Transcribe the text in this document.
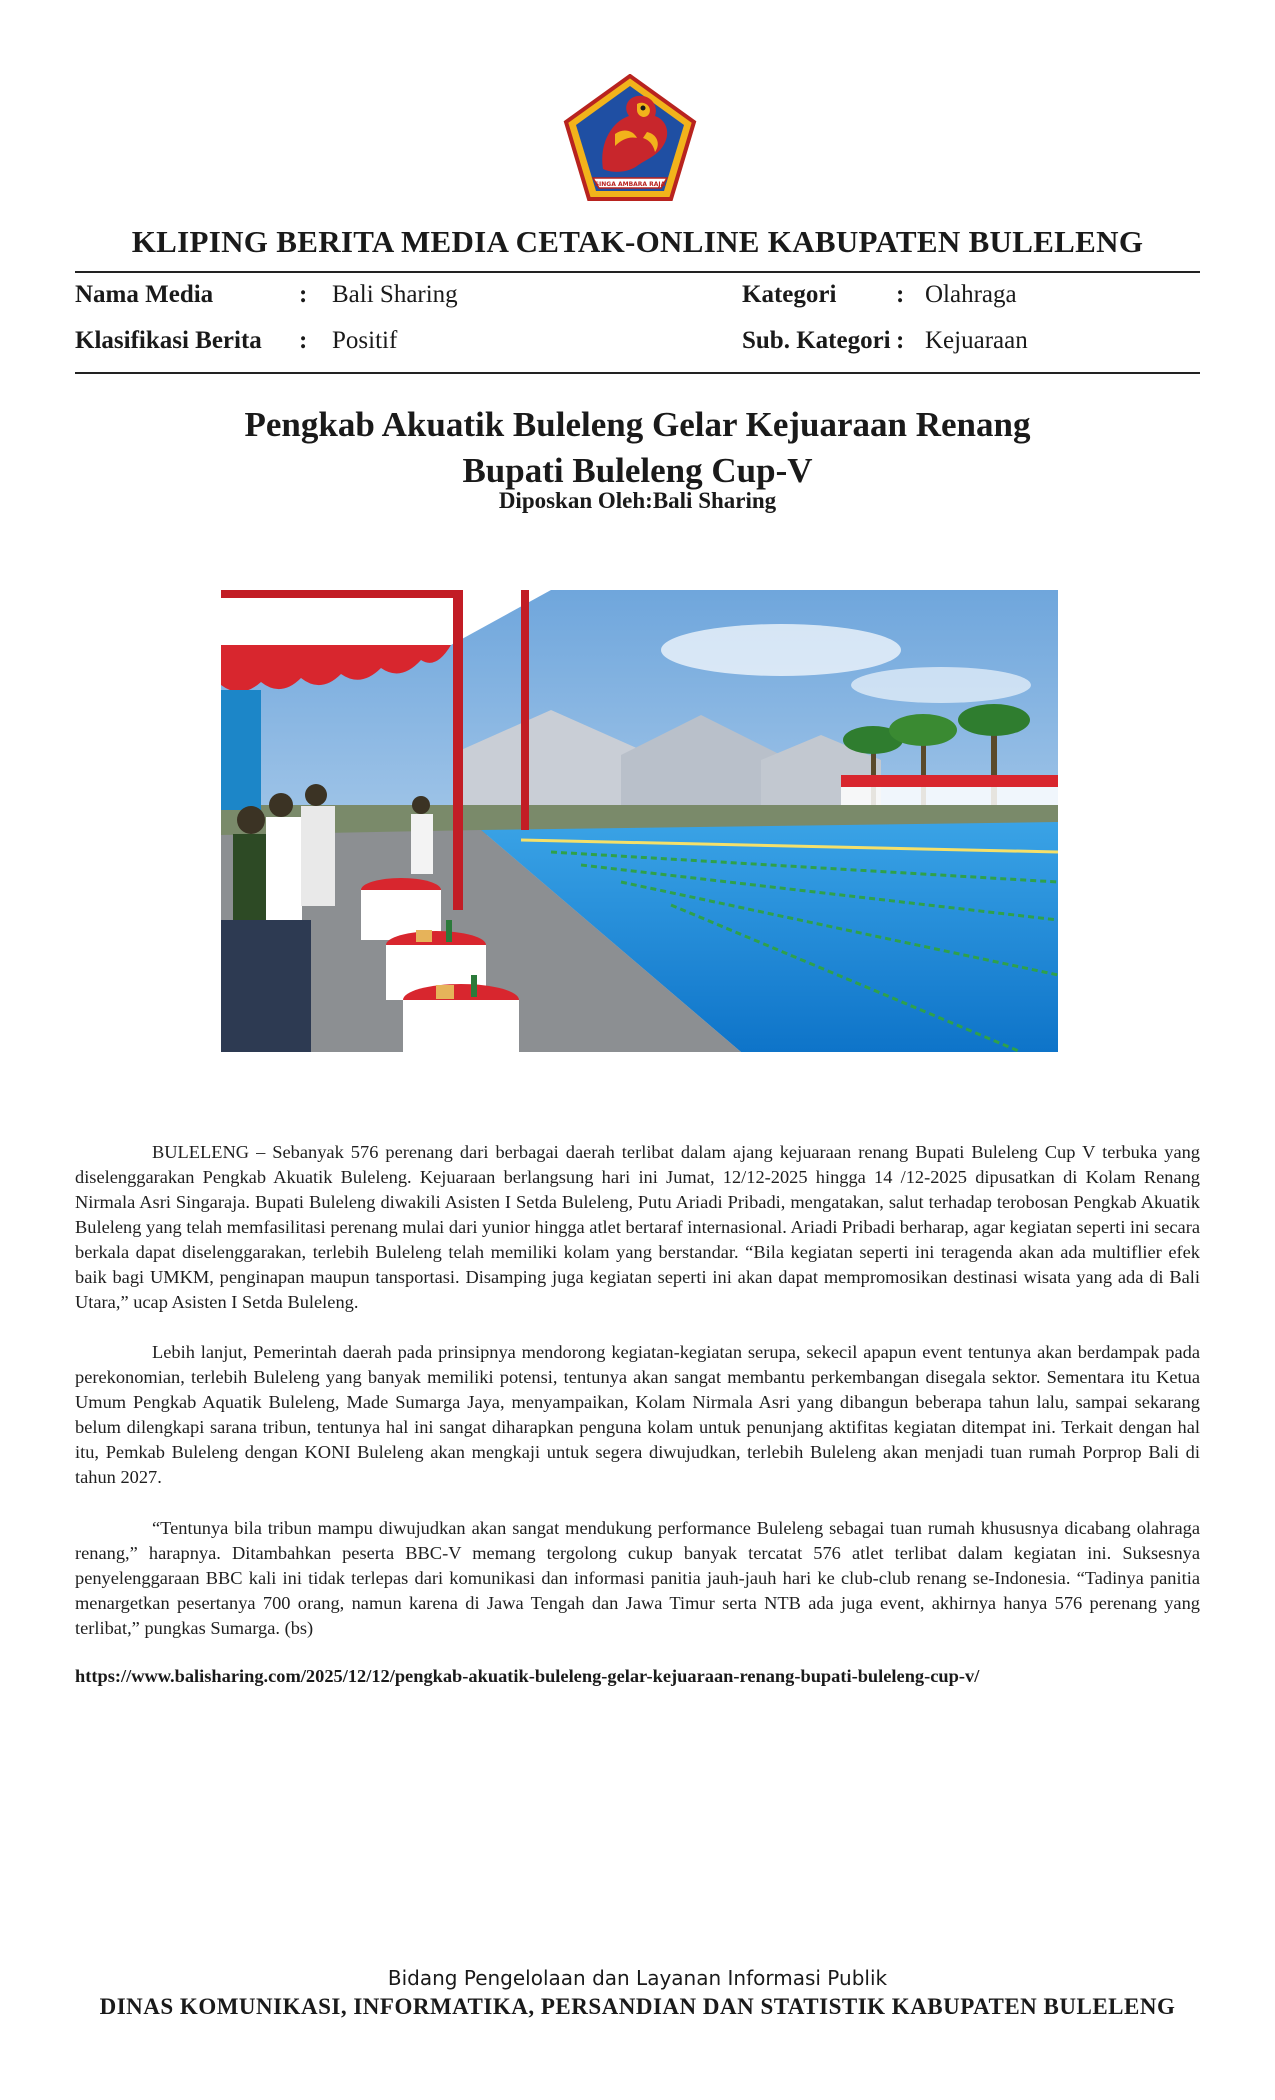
SINGA AMBARA RAJA
KLIPING BERITA MEDIA CETAK-ONLINE KABUPATEN BULELENG
Nama Media	: Bali Sharing
Klasifikasi Berita : Positif
Kategori : Olahraga
Sub. Kategori : Kejuaraan
Pengkab Akuatik Buleleng Gelar Kejuaraan Renang
Bupati Buleleng Cup-V
Diposkan Oleh:Bali Sharing

BULELENG – Sebanyak 576 perenang dari berbagai daerah terlibat dalam ajang kejuaraan renang Bupati Buleleng Cup V terbuka yang diselenggarakan Pengkab Akuatik Buleleng. Kejuaraan berlangsung hari ini Jumat, 12/12-2025 hingga 14 /12-2025 dipusatkan di Kolam Renang Nirmala Asri Singaraja. Bupati Buleleng diwakili Asisten I Setda Buleleng, Putu Ariadi Pribadi, mengatakan, salut terhadap terobosan Pengkab Akuatik Buleleng yang telah memfasilitasi perenang mulai dari yunior hingga atlet bertaraf internasional. Ariadi Pribadi berharap, agar kegiatan seperti ini secara berkala dapat diselenggarakan, terlebih Buleleng telah memiliki kolam yang berstandar. “Bila kegiatan seperti ini teragenda akan ada multiflier efek baik bagi UMKM, penginapan maupun tansportasi. Disamping juga kegiatan seperti ini akan dapat mempromosikan destinasi wisata yang ada di Bali Utara,” ucap Asisten I Setda Buleleng.

Lebih lanjut, Pemerintah daerah pada prinsipnya mendorong kegiatan-kegiatan serupa, sekecil apapun event tentunya akan berdampak pada perekonomian, terlebih Buleleng yang banyak memiliki potensi, tentunya akan sangat membantu perkembangan disegala sektor. Sementara itu Ketua Umum Pengkab Aquatik Buleleng, Made Sumarga Jaya, menyampaikan, Kolam Nirmala Asri yang dibangun beberapa tahun lalu, sampai sekarang belum dilengkapi sarana tribun, tentunya hal ini sangat diharapkan penguna kolam untuk penunjang aktifitas kegiatan ditempat ini. Terkait dengan hal itu, Pemkab Buleleng dengan KONI Buleleng akan mengkaji untuk segera diwujudkan, terlebih Buleleng akan menjadi tuan rumah Porprop Bali di tahun 2027.

“Tentunya bila tribun mampu diwujudkan akan sangat mendukung performance Buleleng sebagai tuan rumah khususnya dicabang olahraga renang,” harapnya. Ditambahkan peserta BBC-V memang tergolong cukup banyak tercatat 576 atlet terlibat dalam kegiatan ini. Suksesnya penyelenggaraan BBC kali ini tidak terlepas dari komunikasi dan informasi panitia jauh-jauh hari ke club-club renang se-Indonesia. “Tadinya panitia menargetkan pesertanya 700 orang, namun karena di Jawa Tengah dan Jawa Timur serta NTB ada juga event, akhirnya hanya 576 perenang yang terlibat,” pungkas Sumarga. (bs)

https://www.balisharing.com/2025/12/12/pengkab-akuatik-buleleng-gelar-kejuaraan-renang-bupati-buleleng-cup-v/
Bidang Pengelolaan dan Layanan Informasi Publik
DINAS KOMUNIKASI, INFORMATIKA, PERSANDIAN DAN STATISTIK KABUPATEN BULELENG
